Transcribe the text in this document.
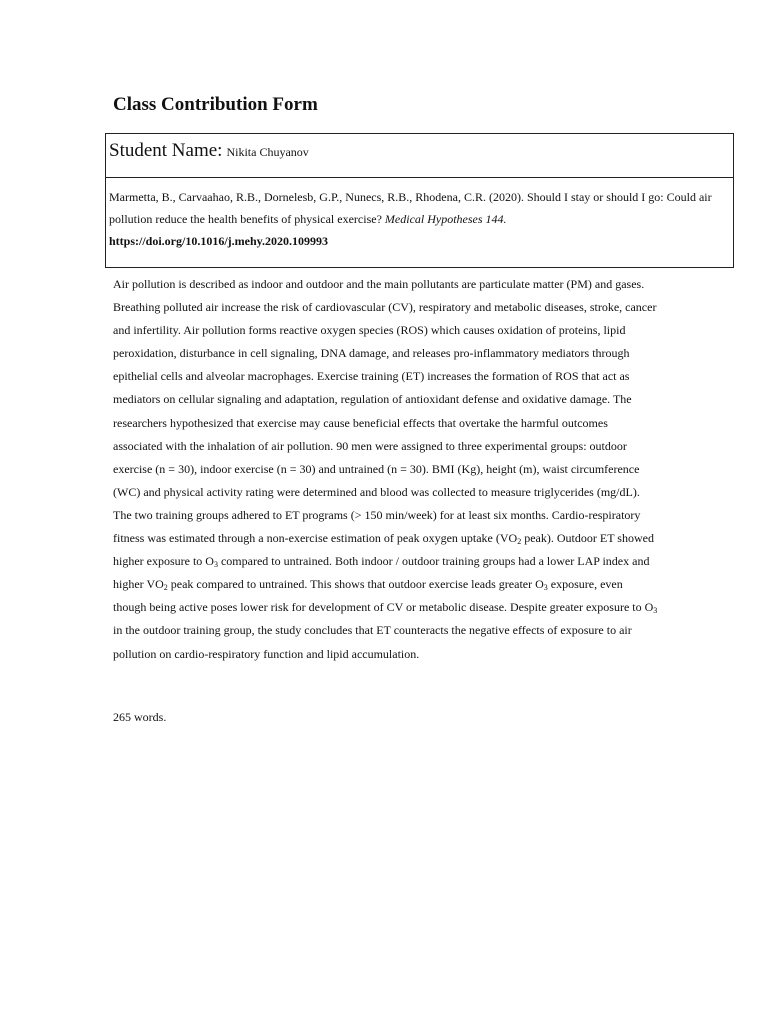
Class Contribution Form
Student Name: Nikita Chuyanov
Marmetta, B., Carvaahao, R.B., Dornelesb, G.P., Nunecs, R.B., Rhodena, C.R. (2020). Should I stay or should I go: Could air pollution reduce the health benefits of physical exercise? Medical Hypotheses 144.
https://doi.org/10.1016/j.mehy.2020.109993

Air pollution is described as indoor and outdoor and the main pollutants are particulate matter (PM) and gases. Breathing polluted air increase the risk of cardiovascular (CV), respiratory and metabolic diseases, stroke, cancer and infertility. Air pollution forms reactive oxygen species (ROS) which causes oxidation of proteins, lipid peroxidation, disturbance in cell signaling, DNA damage, and releases pro-inflammatory mediators through epithelial cells and alveolar macrophages. Exercise training (ET) increases the formation of ROS that act as mediators on cellular signaling and adaptation, regulation of antioxidant defense and oxidative damage. The researchers hypothesized that exercise may cause beneficial effects that overtake the harmful outcomes associated with the inhalation of air pollution. 90 men were assigned to three experimental groups: outdoor exercise (n = 30), indoor exercise (n = 30) and untrained (n = 30). BMI (Kg), height (m), waist circumference (WC) and physical activity rating were determined and blood was collected to measure triglycerides (mg/dL). The two training groups adhered to ET programs (> 150 min/week) for at least six months. Cardio-respiratory fitness was estimated through a non-exercise estimation of peak oxygen uptake ($VO_2$ peak). Outdoor ET showed higher exposure to $O_3$ compared to untrained. Both indoor / outdoor training groups had a lower LAP index and higher $VO_2$ peak compared to untrained. This shows that outdoor exercise leads greater $O_3$ exposure, even though being active poses lower risk for development of CV or metabolic disease. Despite greater exposure to $O_3$ in the outdoor training group, the study concludes that ET counteracts the negative effects of exposure to air pollution on cardio-respiratory function and lipid accumulation.

265 words.
